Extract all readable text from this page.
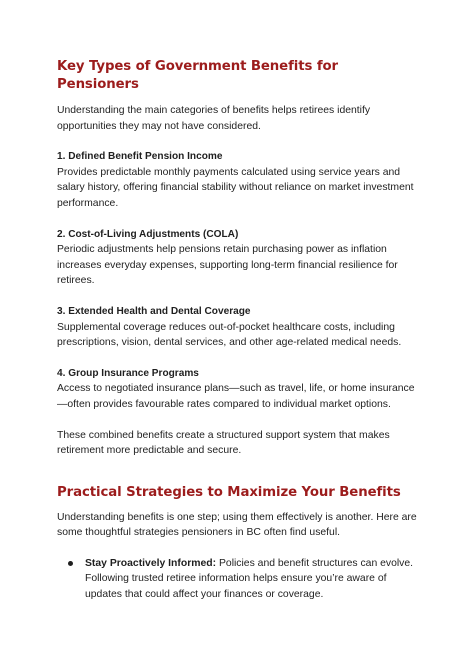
Key Types of Government Benefits for Pensioners

Understanding the main categories of benefits helps retirees identify opportunities they may not have considered.

1. Defined Benefit Pension Income

Provides predictable monthly payments calculated using service years and salary history, offering financial stability without reliance on market investment performance.

2. Cost-of-Living Adjustments (COLA)

Periodic adjustments help pensions retain purchasing power as inflation increases everyday expenses, supporting long-term financial resilience for retirees.

3. Extended Health and Dental Coverage

Supplemental coverage reduces out-of-pocket healthcare costs, including prescriptions, vision, dental services, and other age-related medical needs.

4. Group Insurance Programs

Access to negotiated insurance plans—such as travel, life, or home insurance—often provides favourable rates compared to individual market options.

These combined benefits create a structured support system that makes retirement more predictable and secure.

Practical Strategies to Maximize Your Benefits

Understanding benefits is one step; using them effectively is another. Here are some thoughtful strategies pensioners in BC often find useful.

Stay Proactively Informed: Policies and benefit structures can evolve. Following trusted retiree information helps ensure you’re aware of updates that could affect your finances or coverage.
